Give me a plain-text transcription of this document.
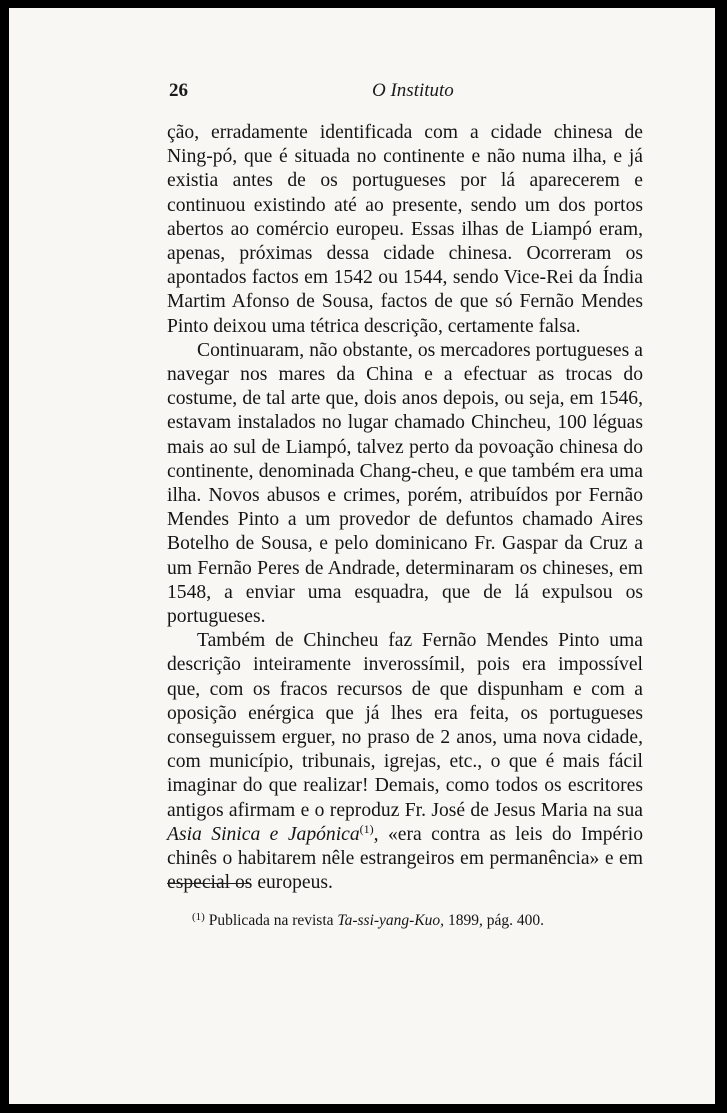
26	O Instituto

ção, erradamente identificada com a cidade chinesa de Ning-pó, que é situada no continente e não numa ilha, e já existia antes de os portugueses por lá aparecerem e continuou existindo até ao presente, sendo um dos portos abertos ao comércio europeu. Essas ilhas de Liampó eram, apenas, próximas dessa cidade chinesa. Ocorreram os apontados factos em 1542 ou 1544, sendo Vice-Rei da Índia Martim Afonso de Sousa, factos de que só Fernão Mendes Pinto deixou uma tétrica descrição, certamente falsa.

Continuaram, não obstante, os mercadores portugueses a navegar nos mares da China e a efectuar as trocas do costume, de tal arte que, dois anos depois, ou seja, em 1546, estavam instalados no lugar chamado Chincheu, 100 léguas mais ao sul de Liampó, talvez perto da povoação chinesa do continente, denominada Chang-cheu, e que também era uma ilha. Novos abusos e crimes, porém, atribuídos por Fernão Mendes Pinto a um provedor de defuntos chamado Aires Botelho de Sousa, e pelo dominicano Fr. Gaspar da Cruz a um Fernão Peres de Andrade, determinaram os chineses, em 1548, a enviar uma esquadra, que de lá expulsou os portugueses.

Também de Chincheu faz Fernão Mendes Pinto uma descrição inteiramente inverossímil, pois era impossível que, com os fracos recursos de que dispunham e com a oposição enérgica que já lhes era feita, os portugueses conseguissem erguer, no praso de 2 anos, uma nova cidade, com município, tribunais, igrejas, etc., o que é mais fácil imaginar do que realizar! Demais, como todos os escritores antigos afirmam e o reproduz Fr. José de Jesus Maria na sua Asia Sinica e Japónica$^{(1)}$, «era contra as leis do Império chinês o habitarem nêle estrangeiros em permanência» e em especial os europeus.

$^{(1)}$ Publicada na revista Ta-ssi-yang-Kuo, 1899, pág. 400.
